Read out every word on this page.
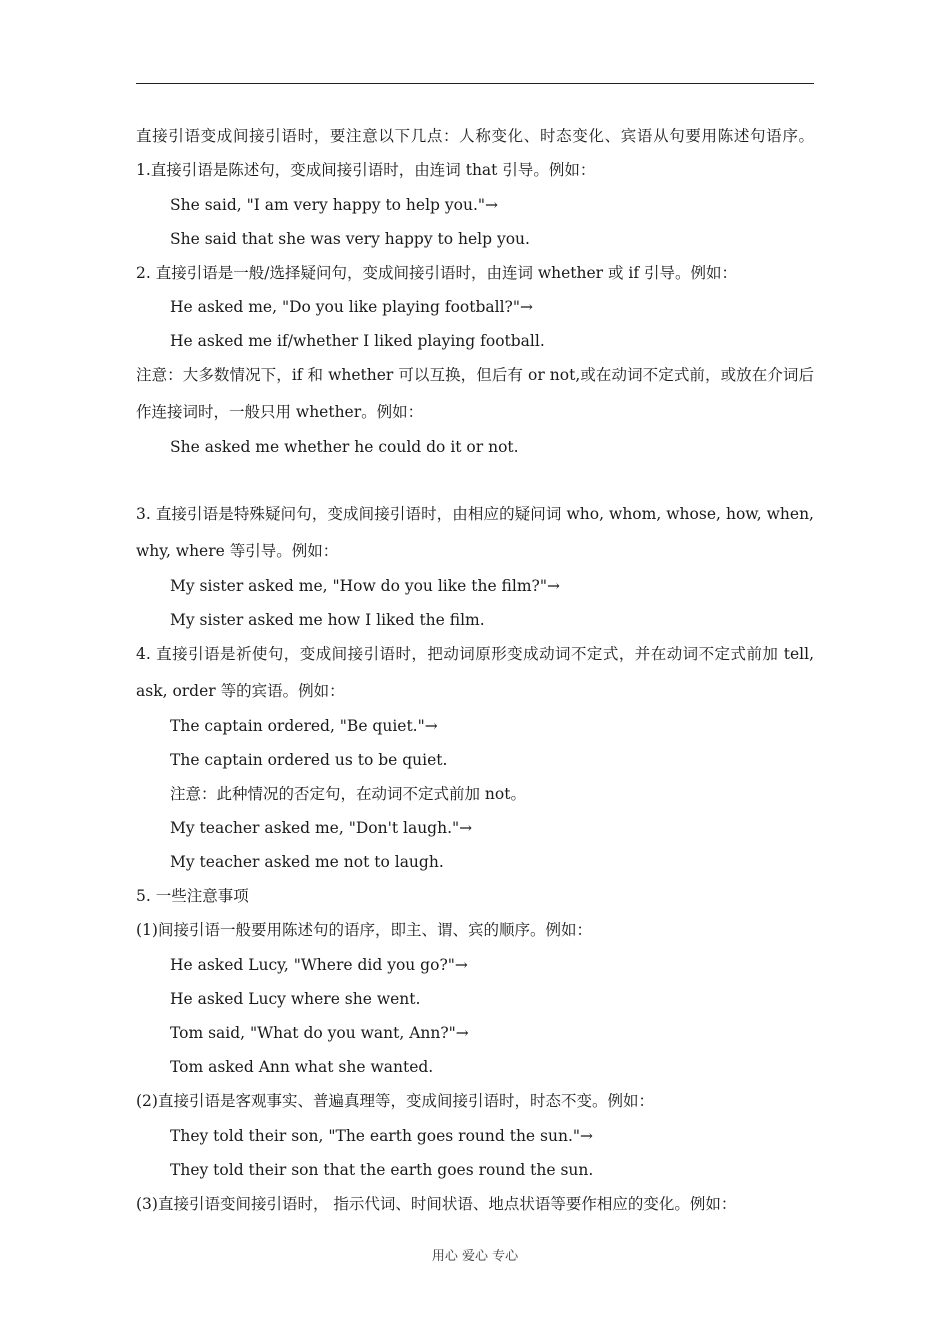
直接引语变成间接引语时，要注意以下几点：人称变化、时态变化、宾语从句要用陈述句语序。
1.直接引语是陈述句，变成间接引语时，由连词 that 引导。例如：
She said, "I am very happy to help you."→
She said that she was very happy to help you.
2. 直接引语是一般/选择疑问句，变成间接引语时，由连词 whether 或 if 引导。例如：
He asked me, "Do you like playing football?"→
He asked me if/whether I liked playing football.
注意：大多数情况下，if 和 whether 可以互换，但后有 or not,或在动词不定式前，或放在介词后
作连接词时，一般只用 whether。例如：
She asked me whether he could do it or not.
3. 直接引语是特殊疑问句，变成间接引语时，由相应的疑问词 who, whom, whose, how, when,
why, where 等引导。例如：
My sister asked me, "How do you like the film?"→
My sister asked me how I liked the film.
4. 直接引语是祈使句，变成间接引语时，把动词原形变成动词不定式，并在动词不定式前加 tell,
ask, order 等的宾语。例如：
The captain ordered, "Be quiet."→
The captain ordered us to be quiet.
注意：此种情况的否定句，在动词不定式前加 not。
My teacher asked me, "Don't laugh."→
My teacher asked me not to laugh.
5. 一些注意事项
(1)间接引语一般要用陈述句的语序，即主、谓、宾的顺序。例如：
He asked Lucy, "Where did you go?"→
He asked Lucy where she went.
Tom said, "What do you want, Ann?"→
Tom asked Ann what she wanted.
(2)直接引语是客观事实、普遍真理等，变成间接引语时，时态不变。例如：
They told their son, "The earth goes round the sun."→
They told their son that the earth goes round the sun.
(3)直接引语变间接引语时， 指示代词、时间状语、地点状语等要作相应的变化。例如：
用心 爱心 专心
